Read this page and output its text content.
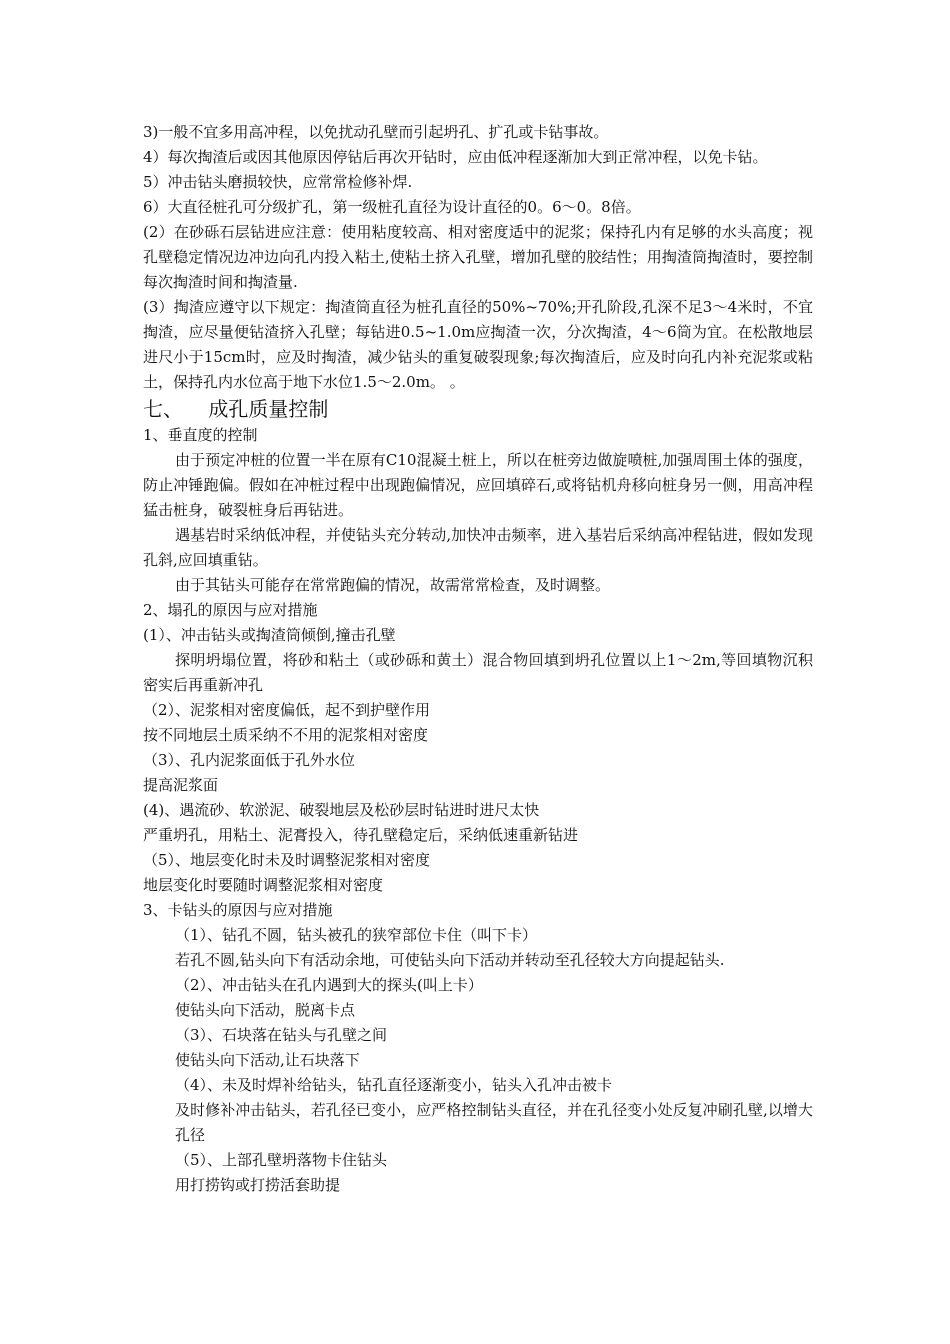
3)一般不宜多用高冲程，以免扰动孔壁而引起坍孔、扩孔或卡钻事故。

4）每次掏渣后或因其他原因停钻后再次开钻时，应由低冲程逐渐加大到正常冲程，以免卡钻。

5）冲击钻头磨损较快，应常常检修补焊.

6）大直径桩孔可分级扩孔，第一级桩孔直径为设计直径的0。6～0。8倍。

(2）在砂砾石层钻进应注意：使用粘度较高、相对密度适中的泥浆；保持孔内有足够的水头高度；视孔壁稳定情况边冲边向孔内投入粘土,使粘土挤入孔壁，增加孔壁的胶结性；用掏渣筒掏渣时，要控制每次掏渣时间和掏渣量.

(3）掏渣应遵守以下规定：掏渣筒直径为桩孔直径的50%~70%;开孔阶段,孔深不足3～4米时，不宜掏渣，应尽量便钻渣挤入孔壁；每钻进0.5~1.0m应掏渣一次，分次掏渣，4～6筒为宜。在松散地层进尺小于15cm时，应及时掏渣，减少钻头的重复破裂现象;每次掏渣后，应及时向孔内补充泥浆或粘土，保持孔内水位高于地下水位1.5～2.0m。 。

七、    成孔质量控制

1、垂直度的控制

由于预定冲桩的位置一半在原有C10混凝土桩上，所以在桩旁边做旋喷桩,加强周围土体的强度，防止冲锤跑偏。假如在冲桩过程中出现跑偏情况，应回填碎石,或将钻机舟移向桩身另一侧，用高冲程猛击桩身，破裂桩身后再钻进。

遇基岩时采纳低冲程，并使钻头充分转动,加快冲击频率，进入基岩后采纳高冲程钻进，假如发现孔斜,应回填重钻。

由于其钻头可能存在常常跑偏的情况，故需常常检查，及时调整。

2、塌孔的原因与应对措施

(1）、冲击钻头或掏渣筒倾倒,撞击孔壁

探明坍塌位置，将砂和粘土（或砂砾和黄土）混合物回填到坍孔位置以上1～2m,等回填物沉积密实后再重新冲孔

（2）、泥浆相对密度偏低，起不到护壁作用

按不同地层土质采纳不不用的泥浆相对密度

（3）、孔内泥浆面低于孔外水位

提高泥浆面

(4)、遇流砂、软淤泥、破裂地层及松砂层时钻进时进尺太快

严重坍孔，用粘土、泥膏投入，待孔壁稳定后，采纳低速重新钻进

（5）、地层变化时未及时调整泥浆相对密度

地层变化时要随时调整泥浆相对密度

3、卡钻头的原因与应对措施

（1）、钻孔不圆，钻头被孔的狭窄部位卡住（叫下卡）

若孔不圆,钻头向下有活动余地，可使钻头向下活动并转动至孔径较大方向提起钻头.

（2）、冲击钻头在孔内遇到大的探头(叫上卡）

使钻头向下活动，脱离卡点

（3）、石块落在钻头与孔壁之间

使钻头向下活动,让石块落下

（4）、未及时焊补给钻头，钻孔直径逐渐变小，钻头入孔冲击被卡

及时修补冲击钻头，若孔径已变小，应严格控制钻头直径，并在孔径变小处反复冲刷孔壁,以增大孔径

（5）、上部孔壁坍落物卡住钻头

用打捞钩或打捞活套助提
